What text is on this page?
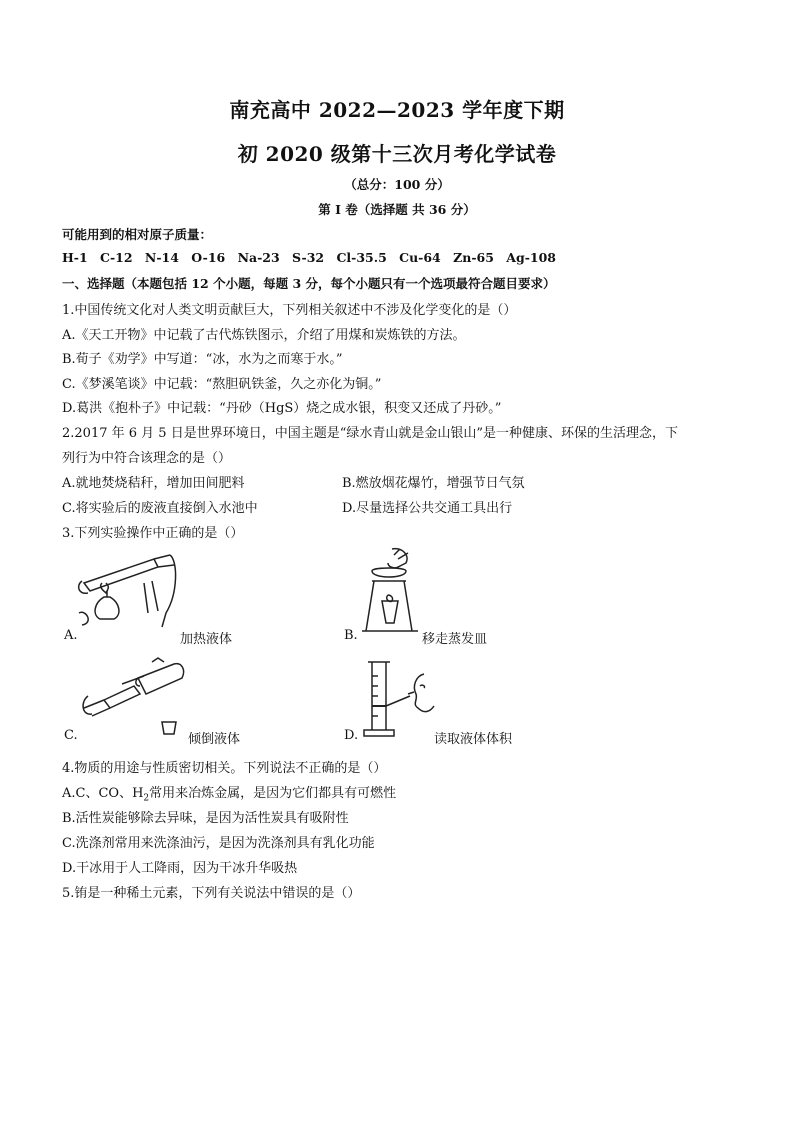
南充高中 2022—2023 学年度下期
初 2020 级第十三次月考化学试卷
（总分：100 分）
第 I 卷（选择题 共 36 分）
可能用到的相对原子质量：
H-1 C-12 N-14 O-16 Na-23 S-32 Cl-35.5 Cu-64 Zn-65 Ag-108
一、选择题（本题包括 12 个小题，每题 3 分，每个小题只有一个选项最符合题目要求）
1.中国传统文化对人类文明贡献巨大，下列相关叙述中不涉及化学变化的是（）
A.《天工开物》中记载了古代炼铁图示，介绍了用煤和炭炼铁的方法。
B.荀子《劝学》中写道：“冰，水为之而寒于水。”
C.《梦溪笔谈》中记载：“熬胆矾铁釜，久之亦化为铜。”
D.葛洪《抱朴子》中记载：“丹砂（HgS）烧之成水银，积变又还成了丹砂。”
2.2017 年 6 月 5 日是世界环境日，中国主题是“绿水青山就是金山银山”是一种健康、环保的生活理念，下
列行为中符合该理念的是（）
A.就地焚烧秸秆，增加田间肥料	B.燃放烟花爆竹，增强节日气氛
C.将实验后的废液直接倒入水池中	D.尽量选择公共交通工具出行
3.下列实验操作中正确的是（）
A.	加热液体	B.	移走蒸发皿
C.	倾倒液体	D.	读取液体体积
4.物质的用途与性质密切相关。下列说法不正确的是（）
A.C、CO、$H_2$常用来冶炼金属，是因为它们都具有可燃性
B.活性炭能够除去异味，是因为活性炭具有吸附性
C.洗涤剂常用来洗涤油污，是因为洗涤剂具有乳化功能
D.干冰用于人工降雨，因为干冰升华吸热
5.铕是一种稀土元素，下列有关说法中错误的是（）
